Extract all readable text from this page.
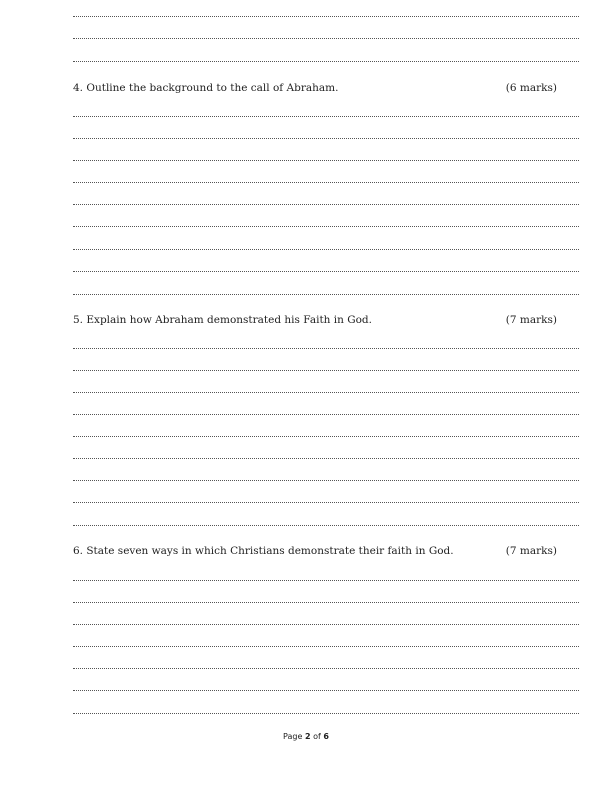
4. Outline the background to the call of Abraham.	(6 marks)
5. Explain how Abraham demonstrated his Faith in God.	(7 marks)
6. State seven ways in which Christians demonstrate their faith in God.	(7 marks)
Page 2 of 6
